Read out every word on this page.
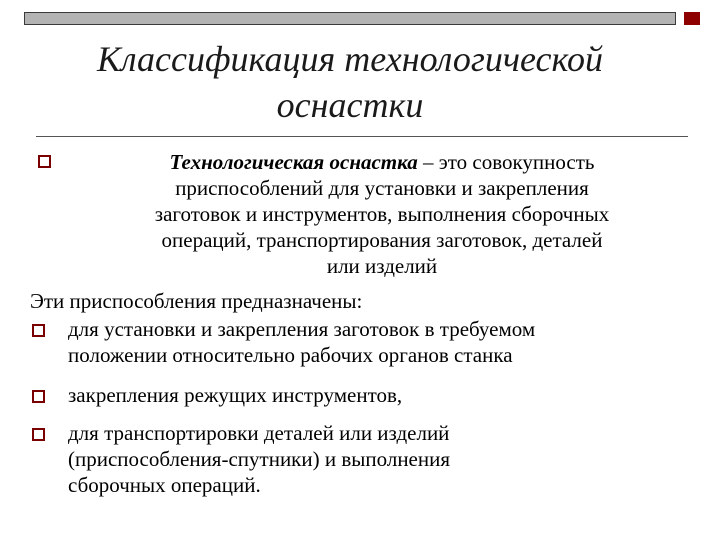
Классификация технологической
оснастки
Технологическая оснастка – это совокупность
приспособлений для установки и закрепления
заготовок и инструментов, выполнения сборочных
операций, транспортирования заготовок, деталей
или изделий
Эти приспособления предназначены:
для установки и закрепления заготовок в требуемом
положении относительно рабочих органов станка
закрепления режущих инструментов,
для транспортировки деталей или изделий
(приспособления-спутники) и выполнения
сборочных операций.
